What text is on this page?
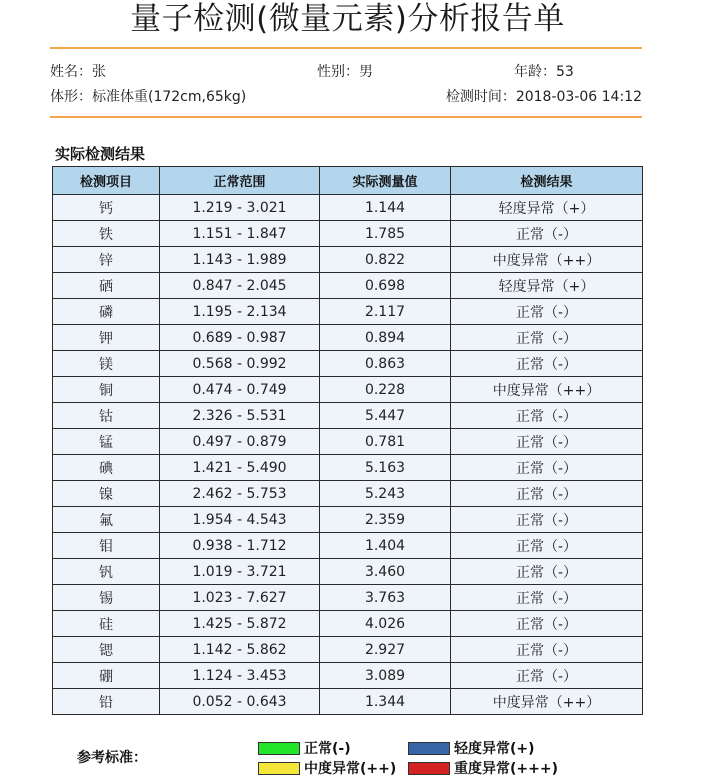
量子检测(微量元素)分析报告单
姓名：张	性别：男	年龄：53
体形：标准体重(172cm,65kg)	检测时间：2018-03-06 14:12
实际检测结果
检测项目	正常范围	实际测量值	检测结果
钙	1.219 - 3.021	1.144	轻度异常（+）
铁	1.151 - 1.847	1.785	正常（-）
锌	1.143 - 1.989	0.822	中度异常（++）
硒	0.847 - 2.045	0.698	轻度异常（+）
磷	1.195 - 2.134	2.117	正常（-）
钾	0.689 - 0.987	0.894	正常（-）
镁	0.568 - 0.992	0.863	正常（-）
铜	0.474 - 0.749	0.228	中度异常（++）
钴	2.326 - 5.531	5.447	正常（-）
锰	0.497 - 0.879	0.781	正常（-）
碘	1.421 - 5.490	5.163	正常（-）
镍	2.462 - 5.753	5.243	正常（-）
氟	1.954 - 4.543	2.359	正常（-）
钼	0.938 - 1.712	1.404	正常（-）
钒	1.019 - 3.721	3.460	正常（-）
锡	1.023 - 7.627	3.763	正常（-）
硅	1.425 - 5.872	4.026	正常（-）
锶	1.142 - 5.862	2.927	正常（-）
硼	1.124 - 3.453	3.089	正常（-）
铅	0.052 - 0.643	1.344	中度异常（++）
参考标准：
正常(-)	轻度异常(+)
中度异常(++)	重度异常(+++)
